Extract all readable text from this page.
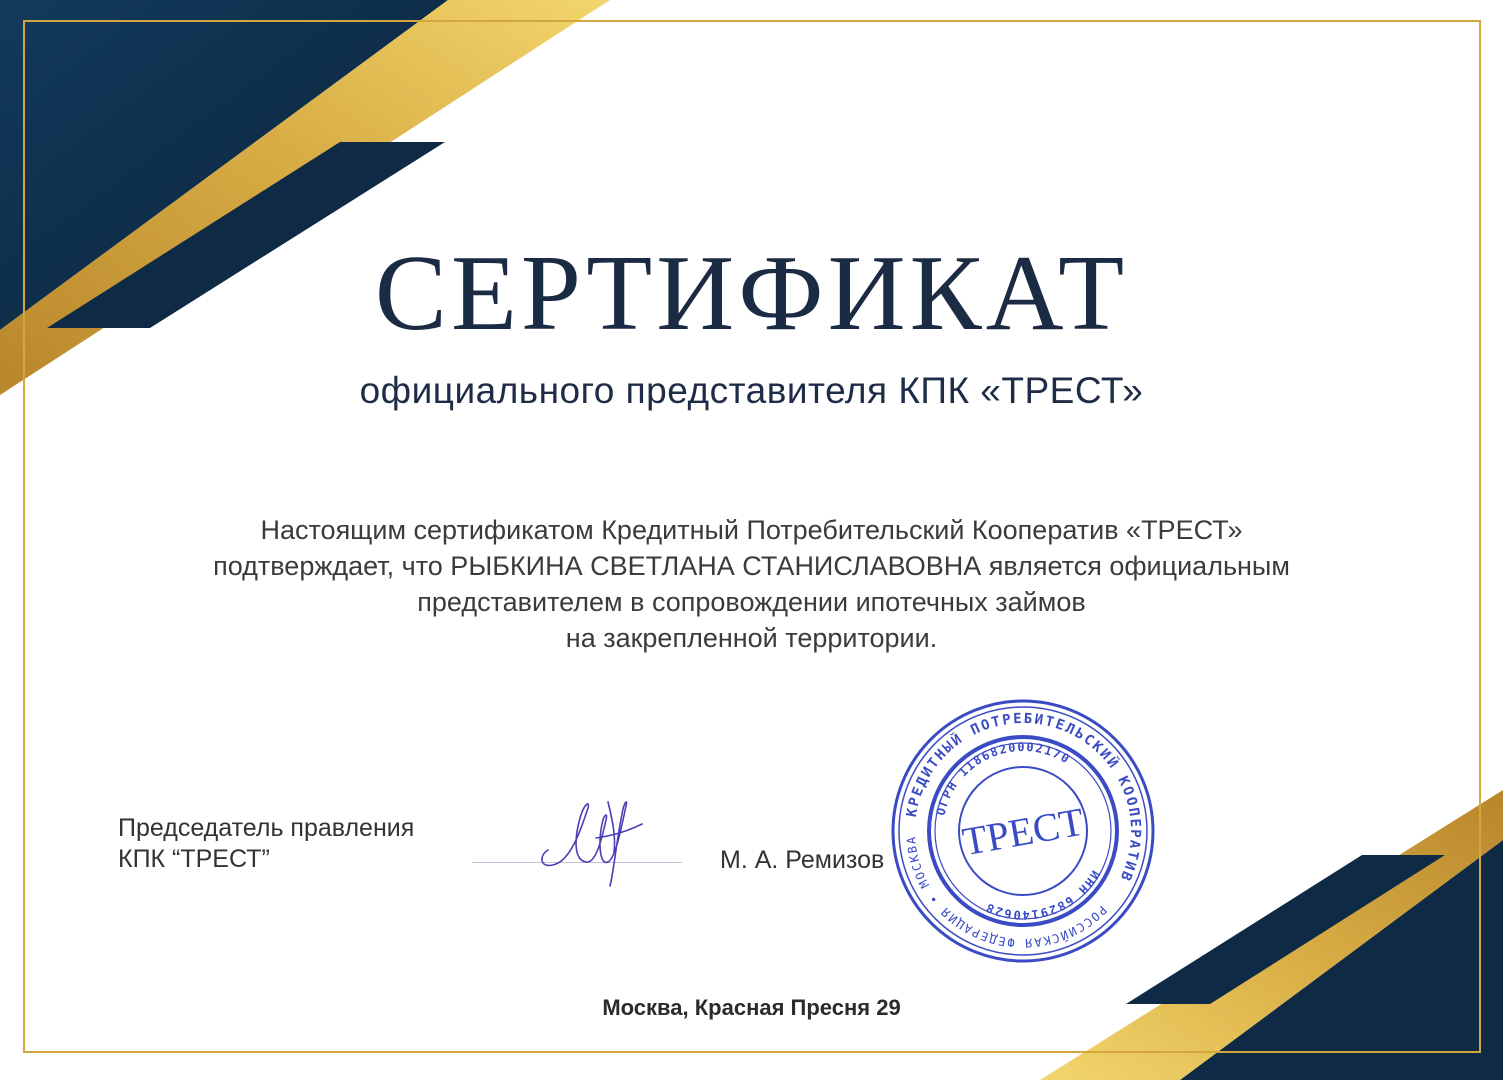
СЕРТИФИКАТ
официального представителя КПК «ТРЕСТ»
Настоящим сертификатом Кредитный Потребительский Кооператив «ТРЕСТ»
подтверждает, что РЫБКИНА СВЕТЛАНА СТАНИСЛАВОВНА является официальным
представителем в сопровождении ипотечных займов
на закрепленной территории.
Председатель правления
КПК “ТРЕСТ”	М. А. Ремизов
КРЕДИТНЫЙ ПОТРЕБИТЕЛЬСКИЙ КООПЕРАТИВ
РОССИЙСКАЯ ФЕДЕРАЦИЯ • МОСКВА
ОГРН 1186820002170
ИНН 6829140628
ТРЕСТ
Москва, Красная Пресня 29
